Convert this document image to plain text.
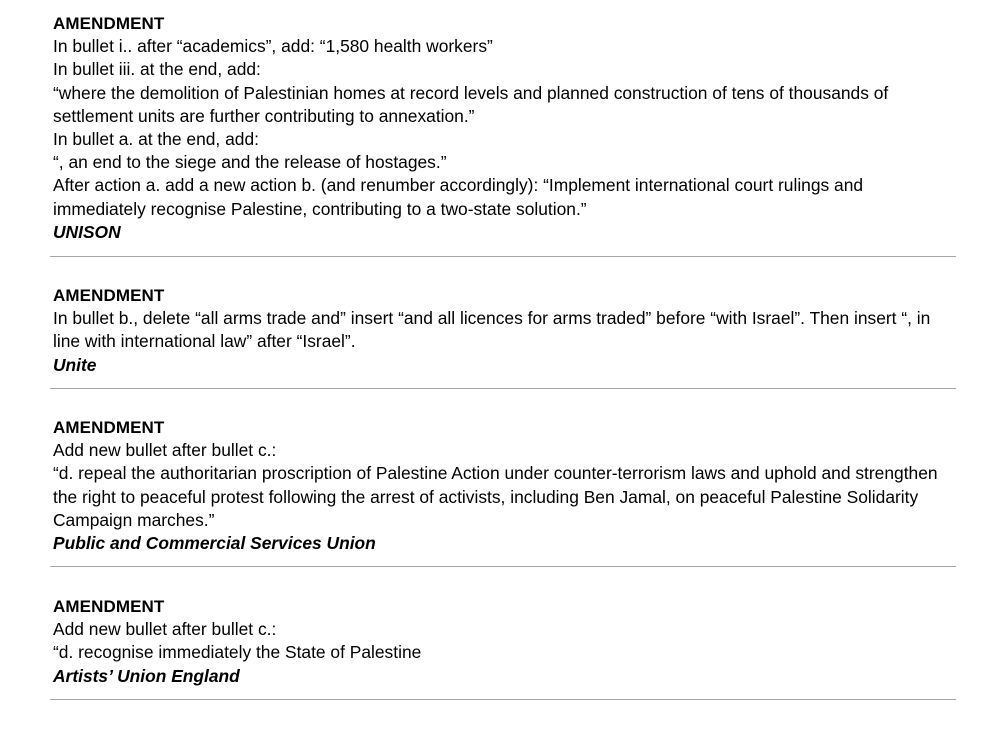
AMENDMENT
In bullet i.. after “academics”, add: “1,580 health workers”
In bullet iii. at the end, add:
“where the demolition of Palestinian homes at record levels and planned construction of tens of thousands of
settlement units are further contributing to annexation.”
In bullet a. at the end, add:
“, an end to the siege and the release of hostages.”
After action a. add a new action b. (and renumber accordingly): “Implement international court rulings and
immediately recognise Palestine, contributing to a two-state solution.”
UNISON
AMENDMENT
In bullet b., delete “all arms trade and” insert “and all licences for arms traded” before “with Israel”. Then insert “, in
line with international law” after “Israel”.
Unite
AMENDMENT
Add new bullet after bullet c.:
“d. repeal the authoritarian proscription of Palestine Action under counter-terrorism laws and uphold and strengthen
the right to peaceful protest following the arrest of activists, including Ben Jamal, on peaceful Palestine Solidarity
Campaign marches.”
Public and Commercial Services Union
AMENDMENT
Add new bullet after bullet c.:
“d. recognise immediately the State of Palestine
Artists’ Union England
